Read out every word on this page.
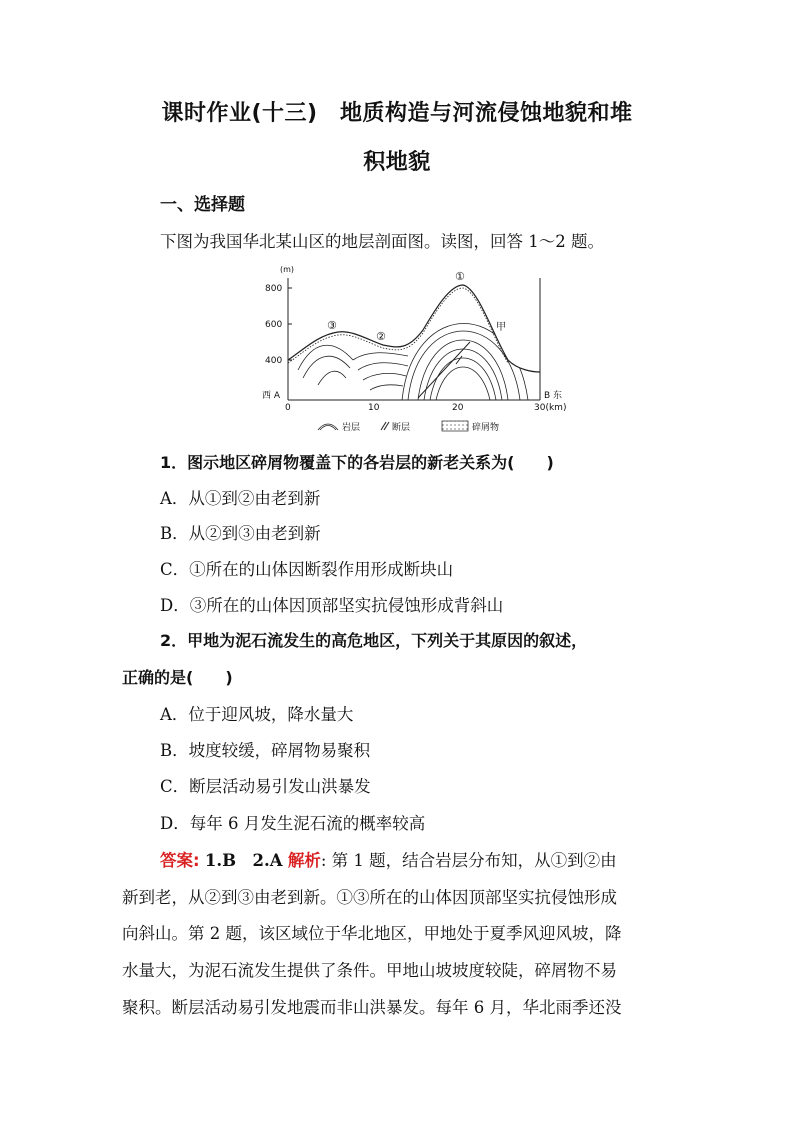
课时作业(十三)　地质构造与河流侵蚀地貌和堆
积地貌
一、选择题
下图为我国华北某山区的地层剖面图。读图，回答 1～2 题。
(m)
800
600
400
0	10	20	30(km)
西 A	B 东
①
②
③	甲
岩层	断层	碎屑物
1．图示地区碎屑物覆盖下的各岩层的新老关系为(　　)
A．从①到②由老到新
B．从②到③由老到新
C．①所在的山体因断裂作用形成断块山
D．③所在的山体因顶部坚实抗侵蚀形成背斜山
2．甲地为泥石流发生的高危地区，下列关于其原因的叙述，
正确的是(　　)
A．位于迎风坡，降水量大
B．坡度较缓，碎屑物易聚积
C．断层活动易引发山洪暴发
D．每年 6 月发生泥石流的概率较高
答案: 1.B　2.A 解析: 第 1 题，结合岩层分布知，从①到②由
新到老，从②到③由老到新。①③所在的山体因顶部坚实抗侵蚀形成
向斜山。第 2 题，该区域位于华北地区，甲地处于夏季风迎风坡，降
水量大，为泥石流发生提供了条件。甲地山坡坡度较陡，碎屑物不易
聚积。断层活动易引发地震而非山洪暴发。每年 6 月，华北雨季还没
